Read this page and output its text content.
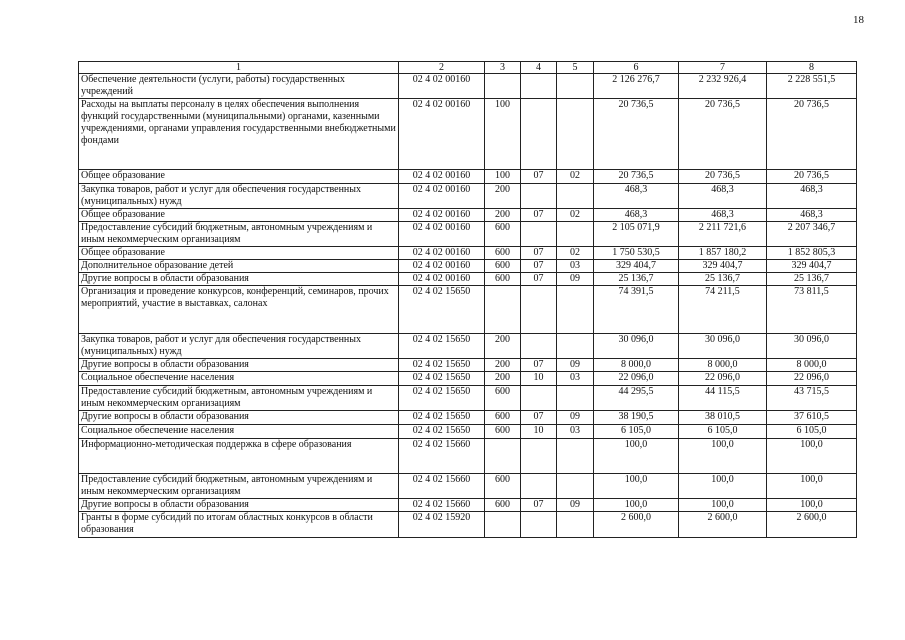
18
1	2	3	4	5	6	7	8
Обеспечение деятельности (услуги, работы) государственных учреждений	02 4 02 00160				2 126 276,7	2 232 926,4	2 228 551,5
Расходы на выплаты персоналу в целях обеспечения выполнения функций государственными (муниципальными) органами, казенными учреждениями, органами управления государственными внебюджетными фондами	02 4 02 00160	100			20 736,5	20 736,5	20 736,5
Общее образование	02 4 02 00160	100	07	02	20 736,5	20 736,5	20 736,5
Закупка товаров, работ и услуг для обеспечения государственных (муниципальных) нужд	02 4 02 00160	200			468,3	468,3	468,3
Общее образование	02 4 02 00160	200	07	02	468,3	468,3	468,3
Предоставление субсидий бюджетным, автономным учреждениям и иным некоммерческим организациям	02 4 02 00160	600			2 105 071,9	2 211 721,6	2 207 346,7
Общее образование	02 4 02 00160	600	07	02	1 750 530,5	1 857 180,2	1 852 805,3
Дополнительное образование детей	02 4 02 00160	600	07	03	329 404,7	329 404,7	329 404,7
Другие вопросы в области образования	02 4 02 00160	600	07	09	25 136,7	25 136,7	25 136,7
Организация и проведение конкурсов, конференций, семинаров, прочих мероприятий, участие в выставках, салонах	02 4 02 15650				74 391,5	74 211,5	73 811,5
Закупка товаров, работ и услуг для обеспечения государственных (муниципальных) нужд	02 4 02 15650	200			30 096,0	30 096,0	30 096,0
Другие вопросы в области образования	02 4 02 15650	200	07	09	8 000,0	8 000,0	8 000,0
Социальное обеспечение населения	02 4 02 15650	200	10	03	22 096,0	22 096,0	22 096,0
Предоставление субсидий бюджетным, автономным учреждениям и иным некоммерческим организациям	02 4 02 15650	600			44 295,5	44 115,5	43 715,5
Другие вопросы в области образования	02 4 02 15650	600	07	09	38 190,5	38 010,5	37 610,5
Социальное обеспечение населения	02 4 02 15650	600	10	03	6 105,0	6 105,0	6 105,0
Информационно-методическая поддержка в сфере образования	02 4 02 15660				100,0	100,0	100,0
Предоставление субсидий бюджетным, автономным учреждениям и иным некоммерческим организациям	02 4 02 15660	600			100,0	100,0	100,0
Другие вопросы в области образования	02 4 02 15660	600	07	09	100,0	100,0	100,0
Гранты в форме субсидий по итогам областных конкурсов в области образования	02 4 02 15920				2 600,0	2 600,0	2 600,0
